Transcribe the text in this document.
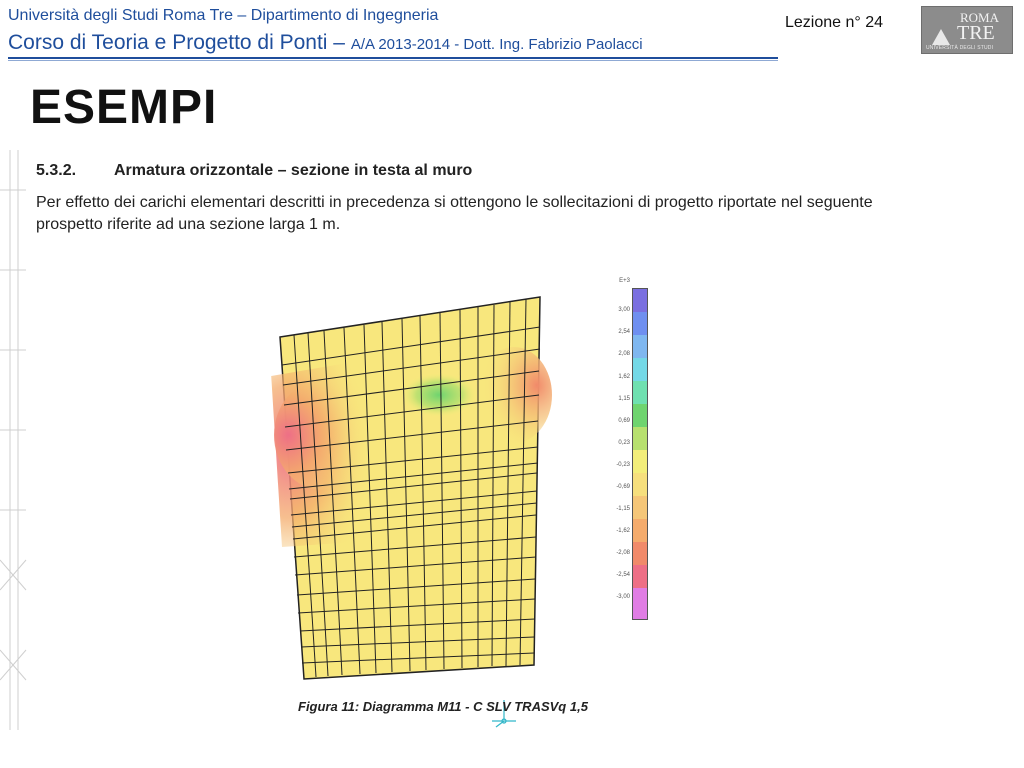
Università degli Studi Roma Tre – Dipartimento di Ingegneria
Corso di Teoria e Progetto di Ponti – A/A 2013-2014 - Dott. Ing. Fabrizio Paolacci
Lezione n° 24	ROMA
TRE
UNIVERSITÀ DEGLI STUDI
ESEMPI
5.3.2. Armatura orizzontale – sezione in testa al muro
Per effetto dei carichi elementari descritti in precedenza si ottengono le sollecitazioni di progetto riportate nel seguente prospetto riferite ad una sezione larga 1 m.
E+3
3,00
2,54
2,08
1,62
1,15
0,69
0,23
-0,23
-0,69
-1,15
-1,62
-2,08
-2,54
-3,00
Figura 11: Diagramma M11 - C SLV TRASVq 1,5
